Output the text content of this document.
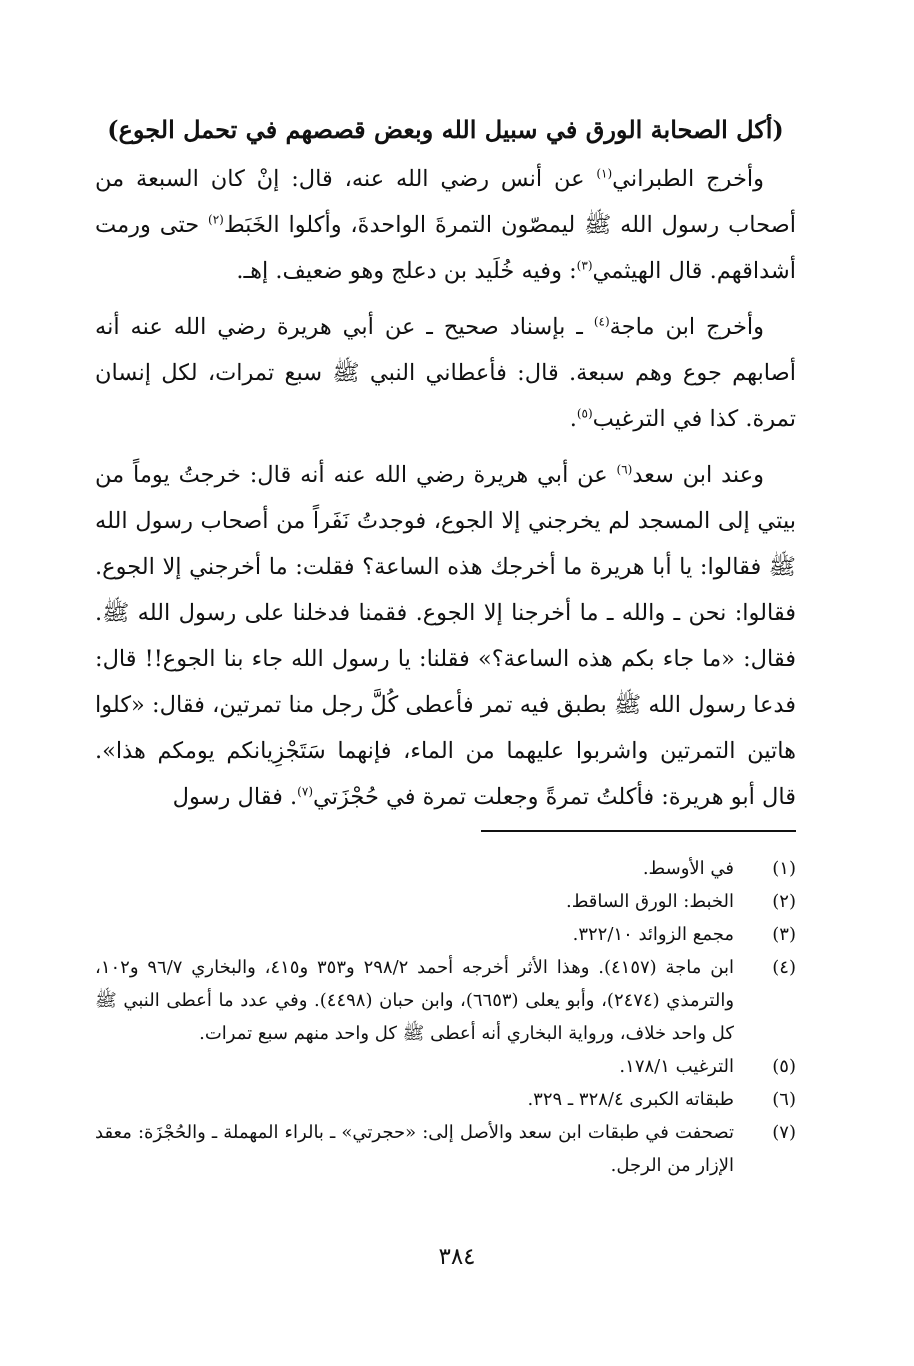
(أكل الصحابة الورق في سبيل الله وبعض قصصهم في تحمل الجوع)

وأخرج الطبراني$^{(١)}$ عن أنس رضي الله عنه، قال: إنْ كان السبعة من أصحاب رسول الله ﷺ ليمصّون التمرةَ الواحدةَ، وأكلوا الخَبَط$^{(٢)}$ حتى ورمت أشداقهم. قال الهيثمي$^{(٣)}$: وفيه خُلَيد بن دعلج وهو ضعيف. إهـ.

وأخرج ابن ماجة$^{(٤)}$ ـ بإسناد صحيح ـ عن أبي هريرة رضي الله عنه أنه أصابهم جوع وهم سبعة. قال: فأعطاني النبي ﷺ سبع تمرات، لكل إنسان تمرة. كذا في الترغيب$^{(٥)}$.

وعند ابن سعد$^{(٦)}$ عن أبي هريرة رضي الله عنه أنه قال: خرجتُ يوماً من بيتي إلى المسجد لم يخرجني إلا الجوع، فوجدتُ نَفَراً من أصحاب رسول الله ﷺ فقالوا: يا أبا هريرة ما أخرجك هذه الساعة؟ فقلت: ما أخرجني إلا الجوع. فقالوا: نحن ـ والله ـ ما أخرجنا إلا الجوع. فقمنا فدخلنا على رسول الله ﷺ. فقال: «ما جاء بكم هذه الساعة؟» فقلنا: يا رسول الله جاء بنا الجوع!! قال: فدعا رسول الله ﷺ بطبق فيه تمر فأعطى كُلَّ رجل منا تمرتين، فقال: «كلوا هاتين التمرتين واشربوا عليهما من الماء، فإنهما سَتَجْزِيانكم يومكم هذا». قال أبو هريرة: فأكلتُ تمرةً وجعلت تمرة في حُجْزَتي$^{(٧)}$. فقال رسول

(١)
في الأوسط.
(٢)
الخبط: الورق الساقط.
(٣)
مجمع الزوائد ٣٢٢/١٠.
(٤)
ابن ماجة (٤١٥٧). وهذا الأثر أخرجه أحمد ٢٩٨/٢ و٣٥٣ و٤١٥، والبخاري ٩٦/٧ و١٠٢، والترمذي (٢٤٧٤)، وأبو يعلى (٦٦٥٣)، وابن حبان (٤٤٩٨). وفي عدد ما أعطى النبي ﷺ كل واحد خلاف، ورواية البخاري أنه أعطى ﷺ كل واحد منهم سبع تمرات.
(٥)
الترغيب ١٧٨/١.
(٦)
طبقاته الكبرى ٣٢٨/٤ ـ ٣٢٩.
(٧)
تصحفت في طبقات ابن سعد والأصل إلى: «حجرتي» ـ بالراء المهملة ـ والحُجْزَة: معقد الإزار من الرجل.
٣٨٤
